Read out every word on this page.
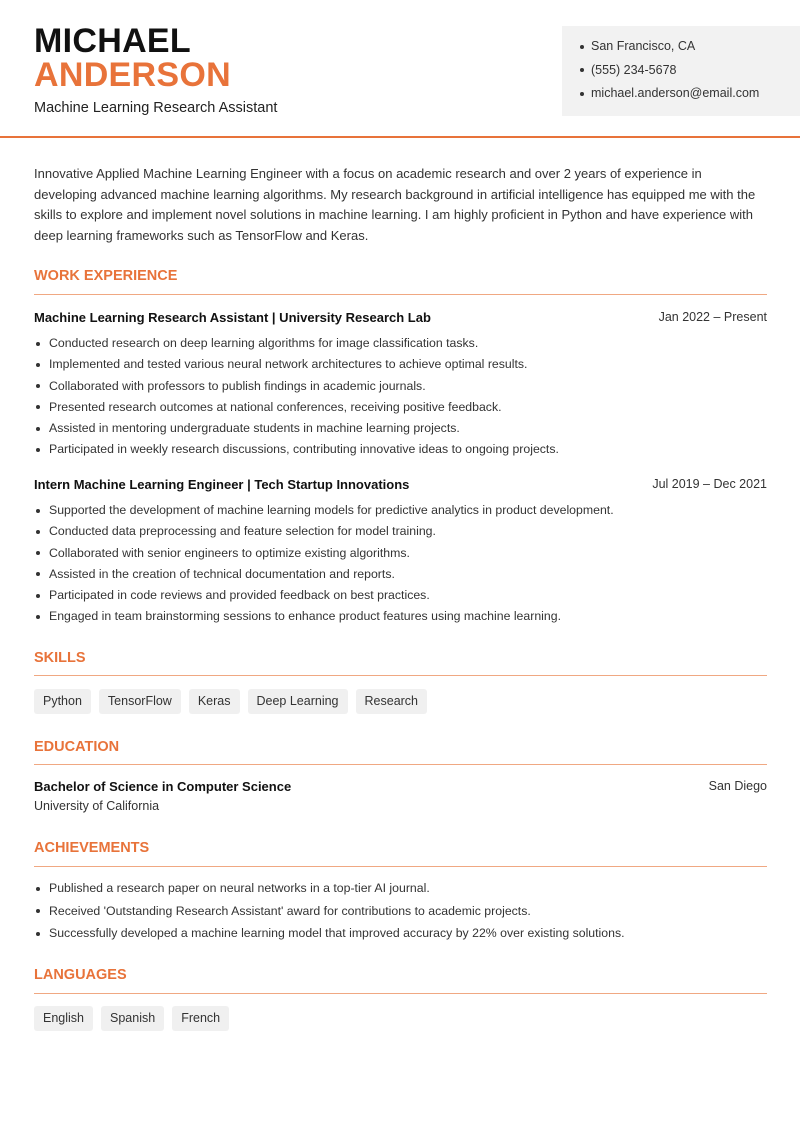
MICHAEL
ANDERSON
Machine Learning Research Assistant
San Francisco, CA
(555) 234-5678
michael.anderson@email.com
Innovative Applied Machine Learning Engineer with a focus on academic research and over 2 years of experience in developing advanced machine learning algorithms. My research background in artificial intelligence has equipped me with the skills to explore and implement novel solutions in machine learning. I am highly proficient in Python and have experience with deep learning frameworks such as TensorFlow and Keras.
WORK EXPERIENCE
Machine Learning Research Assistant | University Research Lab	Jan 2022 – Present
Conducted research on deep learning algorithms for image classification tasks.
Implemented and tested various neural network architectures to achieve optimal results.
Collaborated with professors to publish findings in academic journals.
Presented research outcomes at national conferences, receiving positive feedback.
Assisted in mentoring undergraduate students in machine learning projects.
Participated in weekly research discussions, contributing innovative ideas to ongoing projects.
Intern Machine Learning Engineer | Tech Startup Innovations	Jul 2019 – Dec 2021
Supported the development of machine learning models for predictive analytics in product development.
Conducted data preprocessing and feature selection for model training.
Collaborated with senior engineers to optimize existing algorithms.
Assisted in the creation of technical documentation and reports.
Participated in code reviews and provided feedback on best practices.
Engaged in team brainstorming sessions to enhance product features using machine learning.
SKILLS
Python	TensorFlow	Keras	Deep Learning	Research
EDUCATION
Bachelor of Science in Computer Science	San Diego
University of California
ACHIEVEMENTS
Published a research paper on neural networks in a top-tier AI journal.
Received 'Outstanding Research Assistant' award for contributions to academic projects.
Successfully developed a machine learning model that improved accuracy by 22% over existing solutions.
LANGUAGES
English	Spanish	French
